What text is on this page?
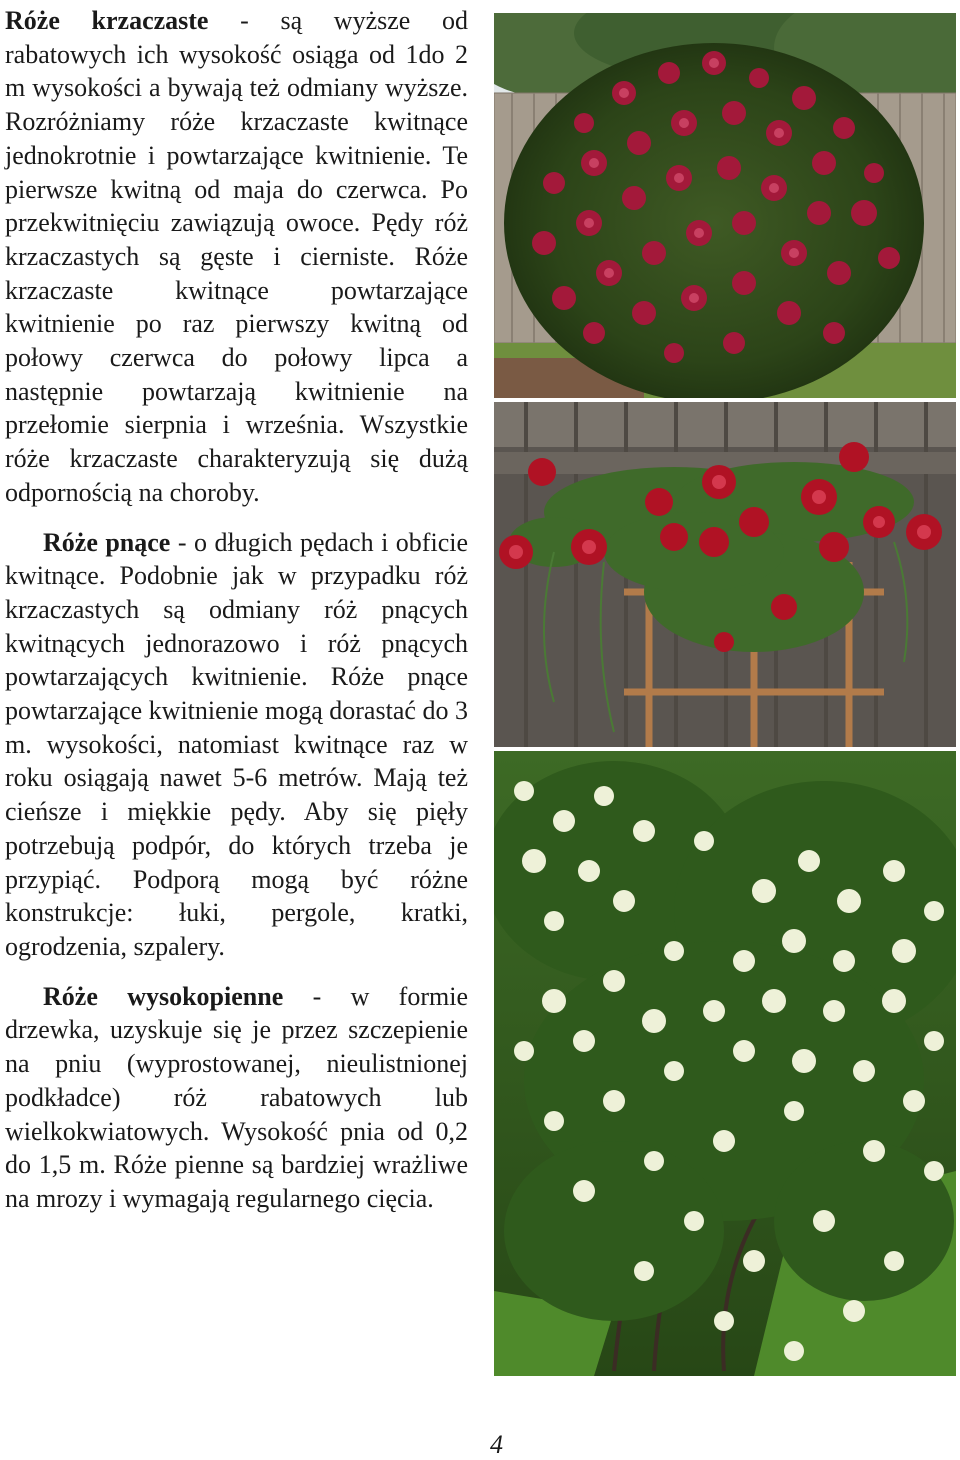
Róże krzaczaste - są wyższe od rabatowych ich wysokość osiąga od 1do 2 m wysokości a bywają też odmiany wyższe. Rozróżniamy róże krzaczaste kwitnące jednokrotnie i powtarzające kwitnienie. Te pierwsze kwitną od maja do czerwca. Po przekwitnięciu zawiązują owoce. Pędy róż krzaczastych są gęste i cierniste. Róże krzaczaste kwitnące powtarzające kwitnienie po raz pierwszy kwitną od połowy czerwca do połowy lipca a następnie powtarzają kwitnienie na przełomie sierpnia i września. Wszystkie róże krzaczaste charakteryzują się dużą odpornością na choroby.

Róże pnące - o długich pędach i obficie kwitnące. Podobnie jak w przypadku róż krzaczastych są odmiany róż pnących kwitnących jednorazowo i róż pnących powtarzających kwitnienie. Róże pnące powtarzające kwitnienie mogą dorastać do 3 m. wysokości, natomiast kwitnące raz w roku osiągają nawet 5-6 metrów. Mają też cieńsze i miękkie pędy. Aby się pięły potrzebują podpór, do których trzeba je przypiąć. Podporą mogą być różne konstrukcje: łuki, pergole, kratki, ogrodzenia, szpalery.

Róże wysokopienne - w formie drzewka, uzyskuje się je przez szczepienie na pniu (wyprostowanej, nieulistnionej podkładce) róż rabatowych lub wielkokwiatowych. Wysokość pnia od 0,2 do 1,5 m. Róże pienne są bardziej wrażliwe na mrozy i wymagają regularnego cięcia.

4
